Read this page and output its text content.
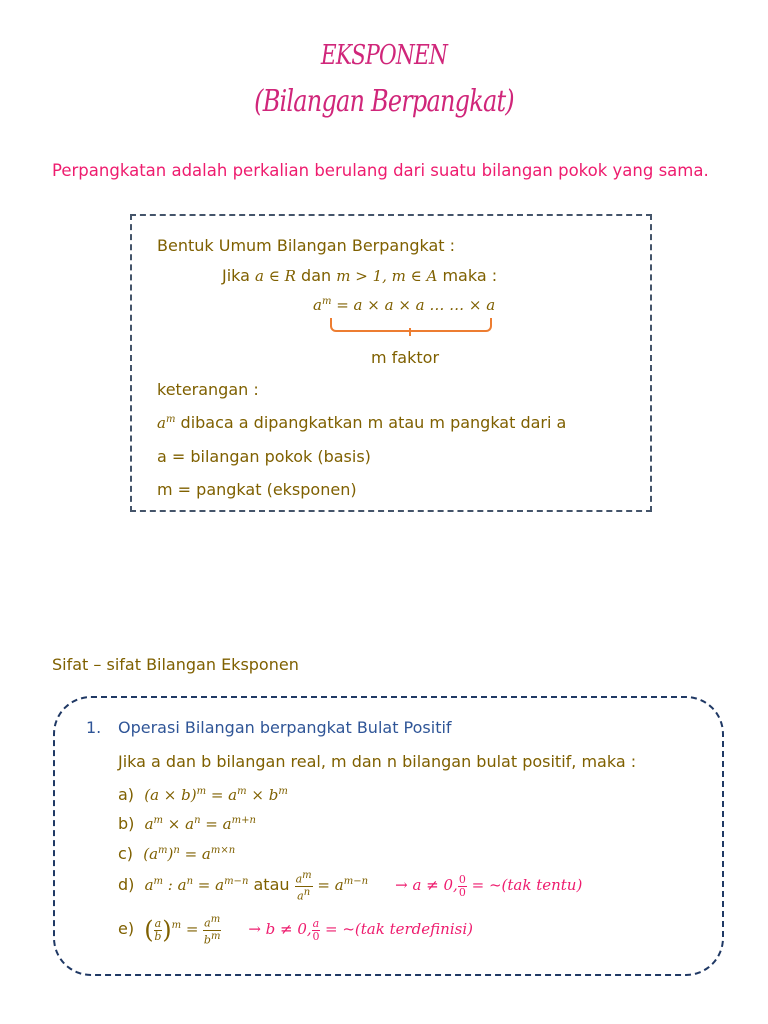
EKSPONEN
(Bilangan Berpangkat)
Perpangkatan adalah perkalian berulang dari suatu bilangan pokok yang sama.
Bentuk Umum Bilangan Berpangkat :
Jika a ∈ R dan m > 1, m ∈ A maka :
$a^m = a \times a \times a$ … … × a
m faktor
keterangan :
$a^m$ dibaca a dipangkatkan m atau m pangkat dari a
a = bilangan pokok (basis)
m = pangkat (eksponen)
Sifat – sifat Bilangan Eksponen
1. Operasi Bilangan berpangkat Bulat Positif
Jika a dan b bilangan real, m dan n bilangan bulat positif, maka :
a) $(a \times b)^m = a^m \times b^m$
b) $a^m \times a^n = a^{m+n}$
c) $(a^m)^n = a^{m\times n}$
d) $a^m$ : $a^n = a^{m-n}$ atau $\frac{a^m}{a^n} = a^{m-n} \to a \ne 0$, $\frac{0}{0}$ = ~(tak tentu)
e) ( $\frac{a}{b} )^m = \frac{a^m}{b^m} \to b \ne 0$, $\frac{a}{0}$ = ~(tak terdefinisi)
